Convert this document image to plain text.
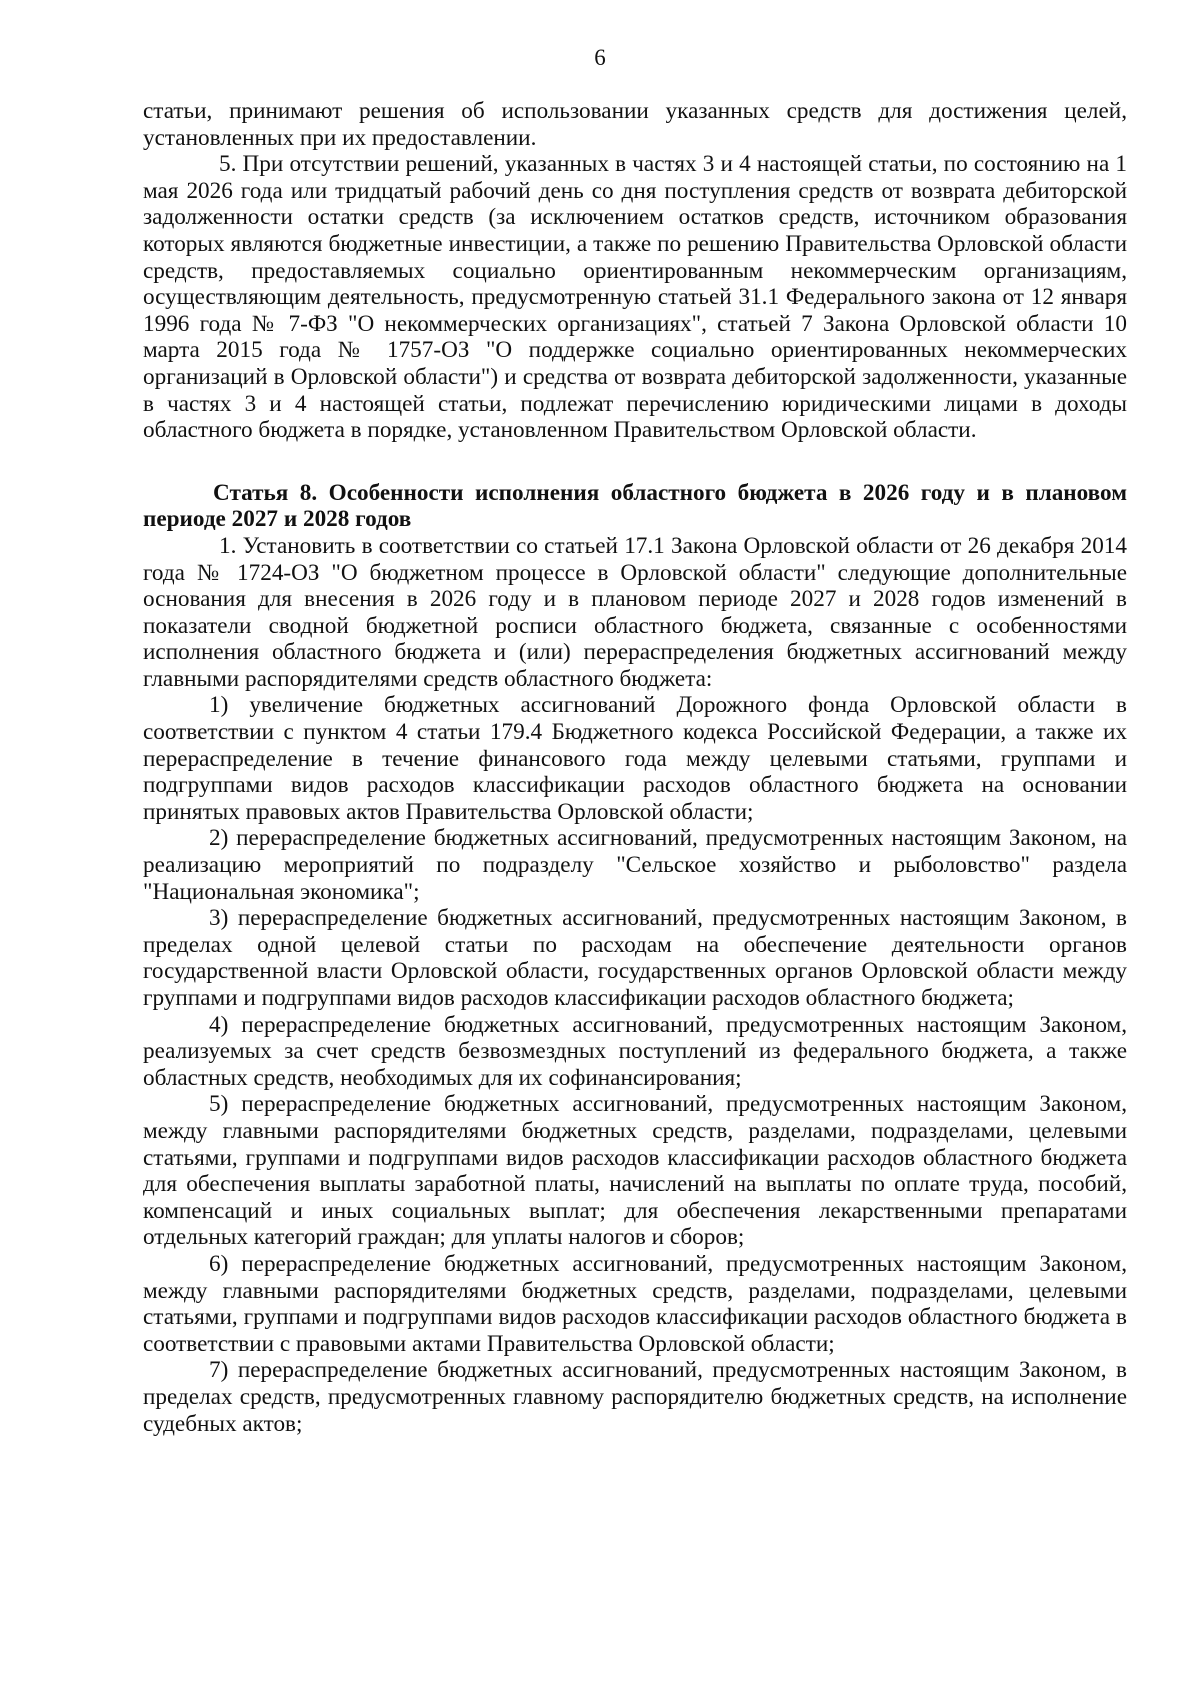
6

статьи, принимают решения об использовании указанных средств для достижения целей, установленных при их предоставлении.

5. При отсутствии решений, указанных в частях 3 и 4 настоящей статьи, по состоянию на 1 мая 2026 года или тридцатый рабочий день со дня поступления средств от возврата дебиторской задолженности остатки средств (за исключением остатков средств, источником образования которых являются бюджетные инвестиции, а также по решению Правительства Орловской области средств, предоставляемых социально ориентированным некоммерческим организациям, осуществляющим деятельность, предусмотренную статьей 31.1 Федерального закона от 12 января 1996 года № 7-ФЗ "О некоммерческих организациях", статьей 7 Закона Орловской области 10 марта 2015 года № 1757-ОЗ "О поддержке социально ориентированных некоммерческих организаций в Орловской области") и средства от возврата дебиторской задолженности, указанные в частях 3 и 4 настоящей статьи, подлежат перечислению юридическими лицами в доходы областного бюджета в порядке, установленном Правительством Орловской области.

Статья 8. Особенности исполнения областного бюджета в 2026 году и в плановом периоде 2027 и 2028 годов

1. Установить в соответствии со статьей 17.1 Закона Орловской области от 26 декабря 2014 года № 1724-ОЗ "О бюджетном процессе в Орловской области" следующие дополнительные основания для внесения в 2026 году и в плановом периоде 2027 и 2028 годов изменений в показатели сводной бюджетной росписи областного бюджета, связанные с особенностями исполнения областного бюджета и (или) перераспределения бюджетных ассигнований между главными распорядителями средств областного бюджета:

1) увеличение бюджетных ассигнований Дорожного фонда Орловской области в соответствии с пунктом 4 статьи 179.4 Бюджетного кодекса Российской Федерации, а также их перераспределение в течение финансового года между целевыми статьями, группами и подгруппами видов расходов классификации расходов областного бюджета на основании принятых правовых актов Правительства Орловской области;

2) перераспределение бюджетных ассигнований, предусмотренных настоящим Законом, на реализацию мероприятий по подразделу "Сельское хозяйство и рыболовство" раздела "Национальная экономика";

3) перераспределение бюджетных ассигнований, предусмотренных настоящим Законом, в пределах одной целевой статьи по расходам на обеспечение деятельности органов государственной власти Орловской области, государственных органов Орловской области между группами и подгруппами видов расходов классификации расходов областного бюджета;

4) перераспределение бюджетных ассигнований, предусмотренных настоящим Законом, реализуемых за счет средств безвозмездных поступлений из федерального бюджета, а также областных средств, необходимых для их софинансирования;

5) перераспределение бюджетных ассигнований, предусмотренных настоящим Законом, между главными распорядителями бюджетных средств, разделами, подразделами, целевыми статьями, группами и подгруппами видов расходов классификации расходов областного бюджета для обеспечения выплаты заработной платы, начислений на выплаты по оплате труда, пособий, компенсаций и иных социальных выплат; для обеспечения лекарственными препаратами отдельных категорий граждан; для уплаты налогов и сборов;

6) перераспределение бюджетных ассигнований, предусмотренных настоящим Законом, между главными распорядителями бюджетных средств, разделами, подразделами, целевыми статьями, группами и подгруппами видов расходов классификации расходов областного бюджета в соответствии с правовыми актами Правительства Орловской области;

7) перераспределение бюджетных ассигнований, предусмотренных настоящим Законом, в пределах средств, предусмотренных главному распорядителю бюджетных средств, на исполнение судебных актов;
